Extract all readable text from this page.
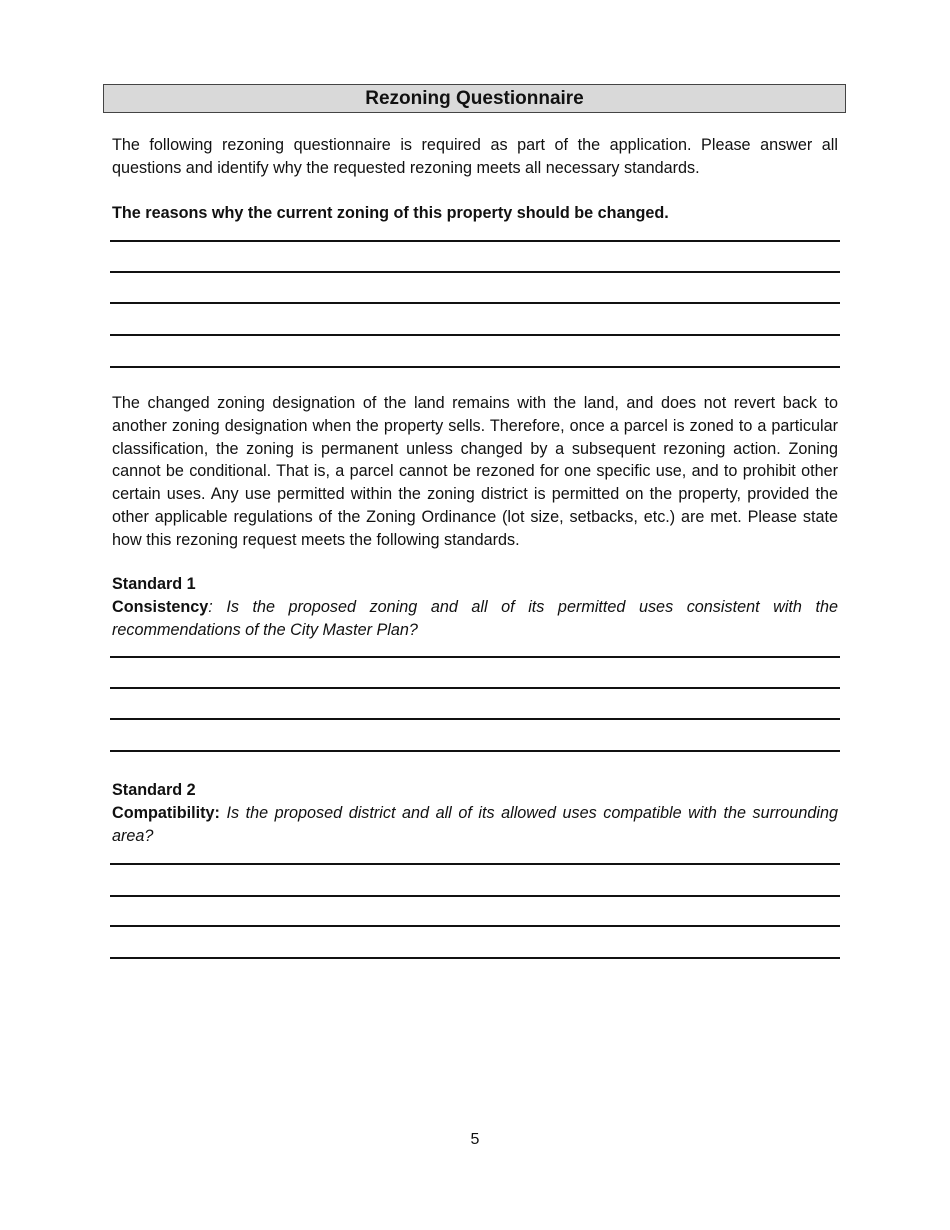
Rezoning Questionnaire

The following rezoning questionnaire is required as part of the application. Please answer all questions and identify why the requested rezoning meets all necessary standards.

The reasons why the current zoning of this property should be changed.

The changed zoning designation of the land remains with the land, and does not revert back to another zoning designation when the property sells. Therefore, once a parcel is zoned to a particular classification, the zoning is permanent unless changed by a subsequent rezoning action. Zoning cannot be conditional. That is, a parcel cannot be rezoned for one specific use, and to prohibit other certain uses. Any use permitted within the zoning district is permitted on the property, provided the other applicable regulations of the Zoning Ordinance (lot size, setbacks, etc.) are met. Please state how this rezoning request meets the following standards.

Standard 1

Consistency: Is the proposed zoning and all of its permitted uses consistent with the recommendations of the City Master Plan?

Standard 2

Compatibility: Is the proposed district and all of its allowed uses compatible with the surrounding area?

5
